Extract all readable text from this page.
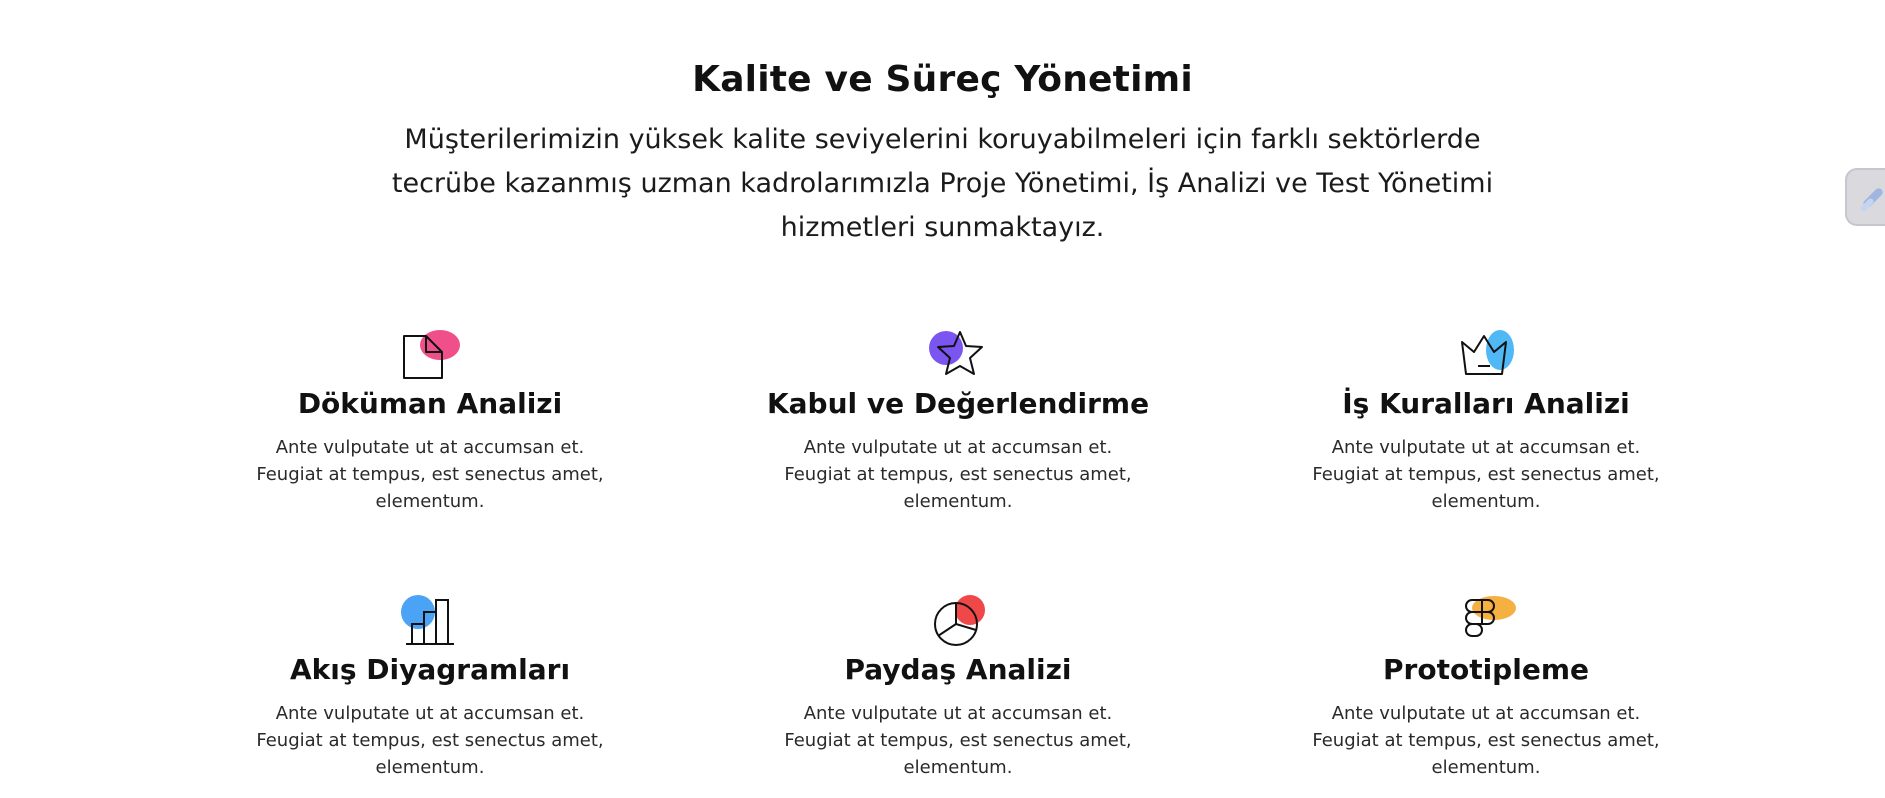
Kalite ve Süreç Yönetimi

Müşterilerimizin yüksek kalite seviyelerini koruyabilmeleri için farklı sektörlerde tecrübe kazanmış uzman kadrolarımızla Proje Yönetimi, İş Analizi ve Test Yönetimi hizmetleri sunmaktayız.

Döküman Analizi

Ante vulputate ut at accumsan et. Feugiat at tempus, est senectus amet, elementum.

Kabul ve Değerlendirme

Ante vulputate ut at accumsan et. Feugiat at tempus, est senectus amet, elementum.

İş Kuralları Analizi

Ante vulputate ut at accumsan et. Feugiat at tempus, est senectus amet, elementum.

Akış Diyagramları

Ante vulputate ut at accumsan et. Feugiat at tempus, est senectus amet, elementum.

Paydaş Analizi

Ante vulputate ut at accumsan et. Feugiat at tempus, est senectus amet, elementum.

Prototipleme

Ante vulputate ut at accumsan et. Feugiat at tempus, est senectus amet, elementum.
